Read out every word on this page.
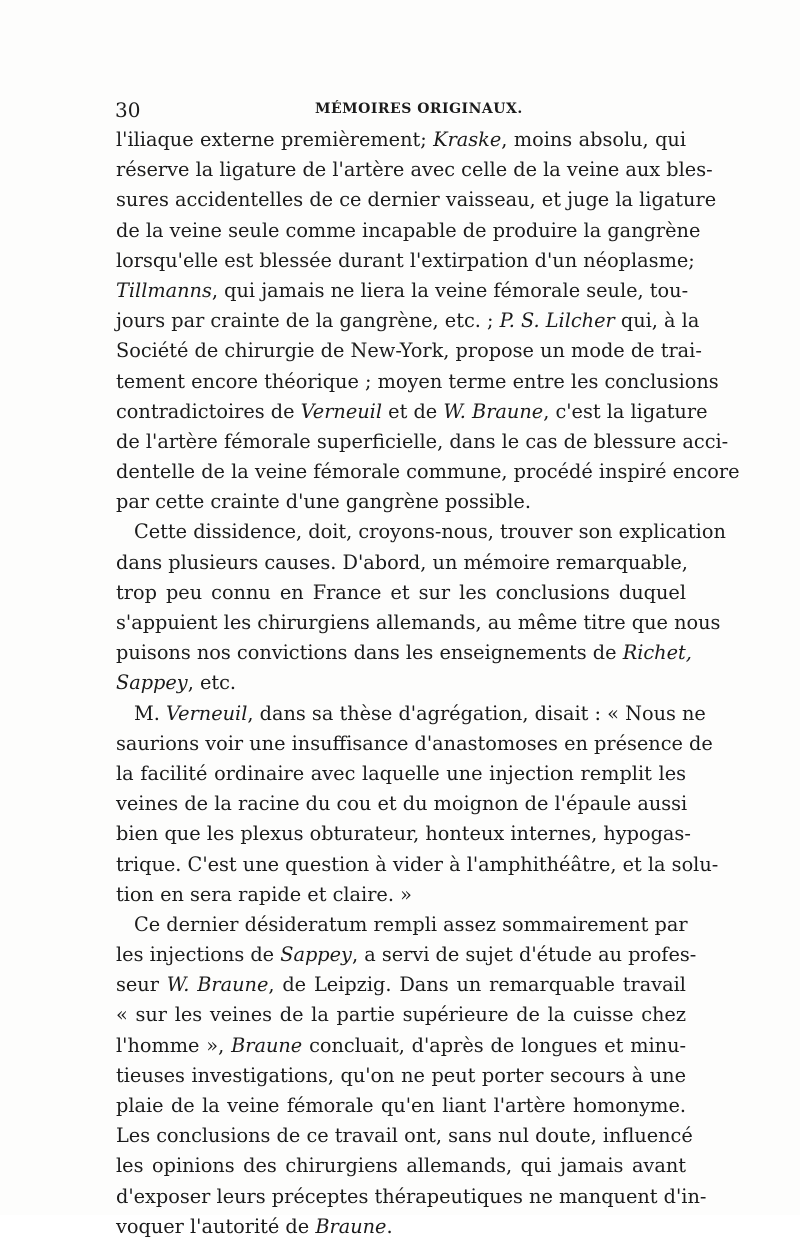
30	MÉMOIRES ORIGINAUX.
l'iliaque externe premièrement; Kraske, moins absolu, qui
réserve la ligature de l'artère avec celle de la veine aux bles-
sures accidentelles de ce dernier vaisseau, et juge la ligature
de la veine seule comme incapable de produire la gangrène
lorsqu'elle est blessée durant l'extirpation d'un néoplasme;
Tillmanns, qui jamais ne liera la veine fémorale seule, tou-
jours par crainte de la gangrène, etc. ; P. S. Lilcher qui, à la
Société de chirurgie de New-York, propose un mode de trai-
tement encore théorique ; moyen terme entre les conclusions
contradictoires de Verneuil et de W. Braune, c'est la ligature
de l'artère fémorale superficielle, dans le cas de blessure acci-
dentelle de la veine fémorale commune, procédé inspiré encore
par cette crainte d'une gangrène possible.
Cette dissidence, doit, croyons-nous, trouver son explication
dans plusieurs causes. D'abord, un mémoire remarquable,
trop peu connu en France et sur les conclusions duquel
s'appuient les chirurgiens allemands, au même titre que nous
puisons nos convictions dans les enseignements de Richet,
Sappey, etc.
M. Verneuil, dans sa thèse d'agrégation, disait : « Nous ne
saurions voir une insuffisance d'anastomoses en présence de
la facilité ordinaire avec laquelle une injection remplit les
veines de la racine du cou et du moignon de l'épaule aussi
bien que les plexus obturateur, honteux internes, hypogas-
trique. C'est une question à vider à l'amphithéâtre, et la solu-
tion en sera rapide et claire. »
Ce dernier désideratum rempli assez sommairement par
les injections de Sappey, a servi de sujet d'étude au profes-
seur W. Braune, de Leipzig. Dans un remarquable travail
« sur les veines de la partie supérieure de la cuisse chez
l'homme », Braune concluait, d'après de longues et minu-
tieuses investigations, qu'on ne peut porter secours à une
plaie de la veine fémorale qu'en liant l'artère homonyme.
Les conclusions de ce travail ont, sans nul doute, influencé
les opinions des chirurgiens allemands, qui jamais avant
d'exposer leurs préceptes thérapeutiques ne manquent d'in-
voquer l'autorité de Braune.
